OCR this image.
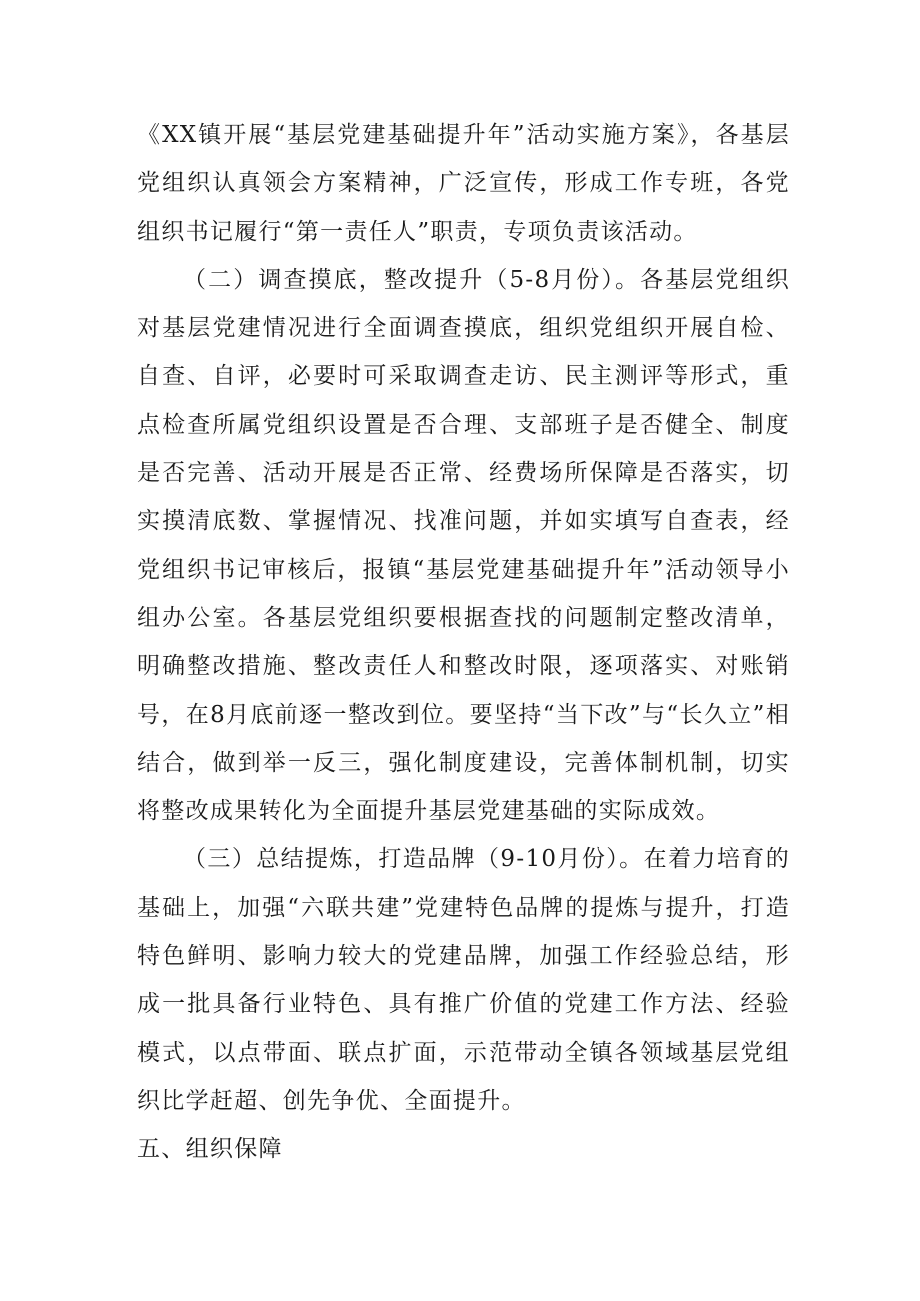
《XX镇开展“基层党建基础提升年”活动实施方案》，各基层党组织认真领会方案精神，广泛宣传，形成工作专班，各党组织书记履行“第一责任人”职责，专项负责该活动。

（二）调查摸底，整改提升（5-8月份）。各基层党组织对基层党建情况进行全面调查摸底，组织党组织开展自检、自查、自评，必要时可采取调查走访、民主测评等形式，重点检查所属党组织设置是否合理、支部班子是否健全、制度是否完善、活动开展是否正常、经费场所保障是否落实，切实摸清底数、掌握情况、找准问题，并如实填写自查表，经党组织书记审核后，报镇“基层党建基础提升年”活动领导小组办公室。各基层党组织要根据查找的问题制定整改清单，明确整改措施、整改责任人和整改时限，逐项落实、对账销号，在8月底前逐一整改到位。要坚持“当下改”与“长久立”相结合，做到举一反三，强化制度建设，完善体制机制，切实将整改成果转化为全面提升基层党建基础的实际成效。

（三）总结提炼，打造品牌（9-10月份）。在着力培育的基础上，加强“六联共建”党建特色品牌的提炼与提升，打造特色鲜明、影响力较大的党建品牌，加强工作经验总结，形成一批具备行业特色、具有推广价值的党建工作方法、经验模式，以点带面、联点扩面，示范带动全镇各领域基层党组织比学赶超、创先争优、全面提升。

五、组织保障
